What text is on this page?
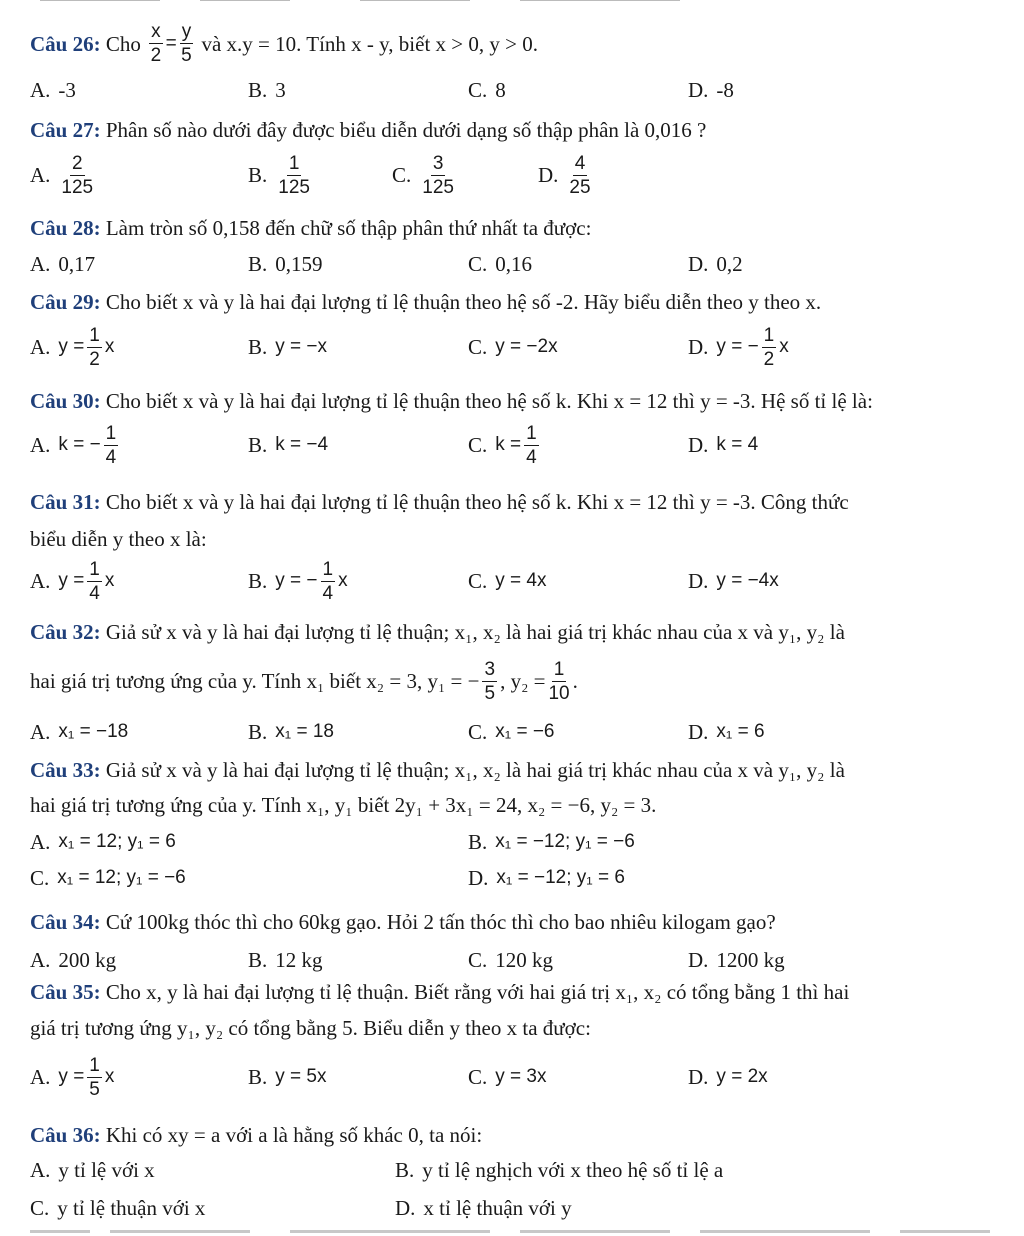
Câu 26:
Cho
$\frac{x}{2} = \frac{y}{5}$
và x.y = 10. Tính x - y, biết x > 0, y > 0.
A. -3	B. 3	C. 8	D. -8
Câu 27: Phân số nào dưới đây được biểu diễn dưới dạng số thập phân là 0,016 ?
A. $\frac{2}{125}$	B. $\frac{1}{125}$	C. $\frac{3}{125}$	D. $\frac{4}{25}$
Câu 28: Làm tròn số 0,158 đến chữ số thập phân thứ nhất ta được:
A. 0,17	B. 0,159	C. 0,16	D. 0,2
Câu 29: Cho biết x và y là hai đại lượng tỉ lệ thuận theo hệ số -2. Hãy biểu diễn theo y theo x.
A. $y = \frac{1}{2}$ x	B. y = −x	C. y = −2x	D. y = − $\frac{1}{2}$ x
Câu 30: Cho biết x và y là hai đại lượng tỉ lệ thuận theo hệ số k. Khi x = 12 thì y = -3. Hệ số tỉ lệ là:
A. k = − $\frac{1}{4}$	B. k = −4	C. $k = \frac{1}{4}$	D. k = 4
Câu 31: Cho biết x và y là hai đại lượng tỉ lệ thuận theo hệ số k. Khi x = 12 thì y = -3. Công thức
biểu diễn y theo x là:
A. $y = \frac{1}{4}$ x	B. y = − $\frac{1}{4}$ x	C. y = 4x	D. y = −4x
Câu 32: Giả sử x và y là hai đại lượng tỉ lệ thuận; x₁, x₂ là hai giá trị khác nhau của x và y₁, y₂ là
hai giá trị tương ứng của y. Tính x₁ biết x₂ = 3, y₁ = − $\frac{3}{5}$ , $y_2 = \frac{1}{10}$ .
A. x₁ = −18	B. x₁ = 18	C. x₁ = −6	D. x₁ = 6
Câu 33: Giả sử x và y là hai đại lượng tỉ lệ thuận; x₁, x₂ là hai giá trị khác nhau của x và y₁, y₂ là
hai giá trị tương ứng của y. Tính x₁, y₁ biết 2y₁ + 3x₁ = 24, x₂ = −6, y₂ = 3.
A. x₁ = 12; y₁ = 6	B. x₁ = −12; y₁ = −6
C. x₁ = 12; y₁ = −6	D. x₁ = −12; y₁ = 6
Câu 34: Cứ 100kg thóc thì cho 60kg gạo. Hỏi 2 tấn thóc thì cho bao nhiêu kilogam gạo?
A. 200 kg	B. 12 kg	C. 120 kg	D. 1200 kg
Câu 35: Cho x, y là hai đại lượng tỉ lệ thuận. Biết rằng với hai giá trị x₁, x₂ có tổng bằng 1 thì hai
giá trị tương ứng y₁, y₂ có tổng bằng 5. Biểu diễn y theo x ta được:
A. $y = \frac{1}{5}$ x	B. y = 5x	C. y = 3x	D. y = 2x
Câu 36: Khi có xy = a với a là hằng số khác 0, ta nói:
A. y tỉ lệ với x	B. y tỉ lệ nghịch với x theo hệ số tỉ lệ a
C. y tỉ lệ thuận với x	D. x tỉ lệ thuận với y
